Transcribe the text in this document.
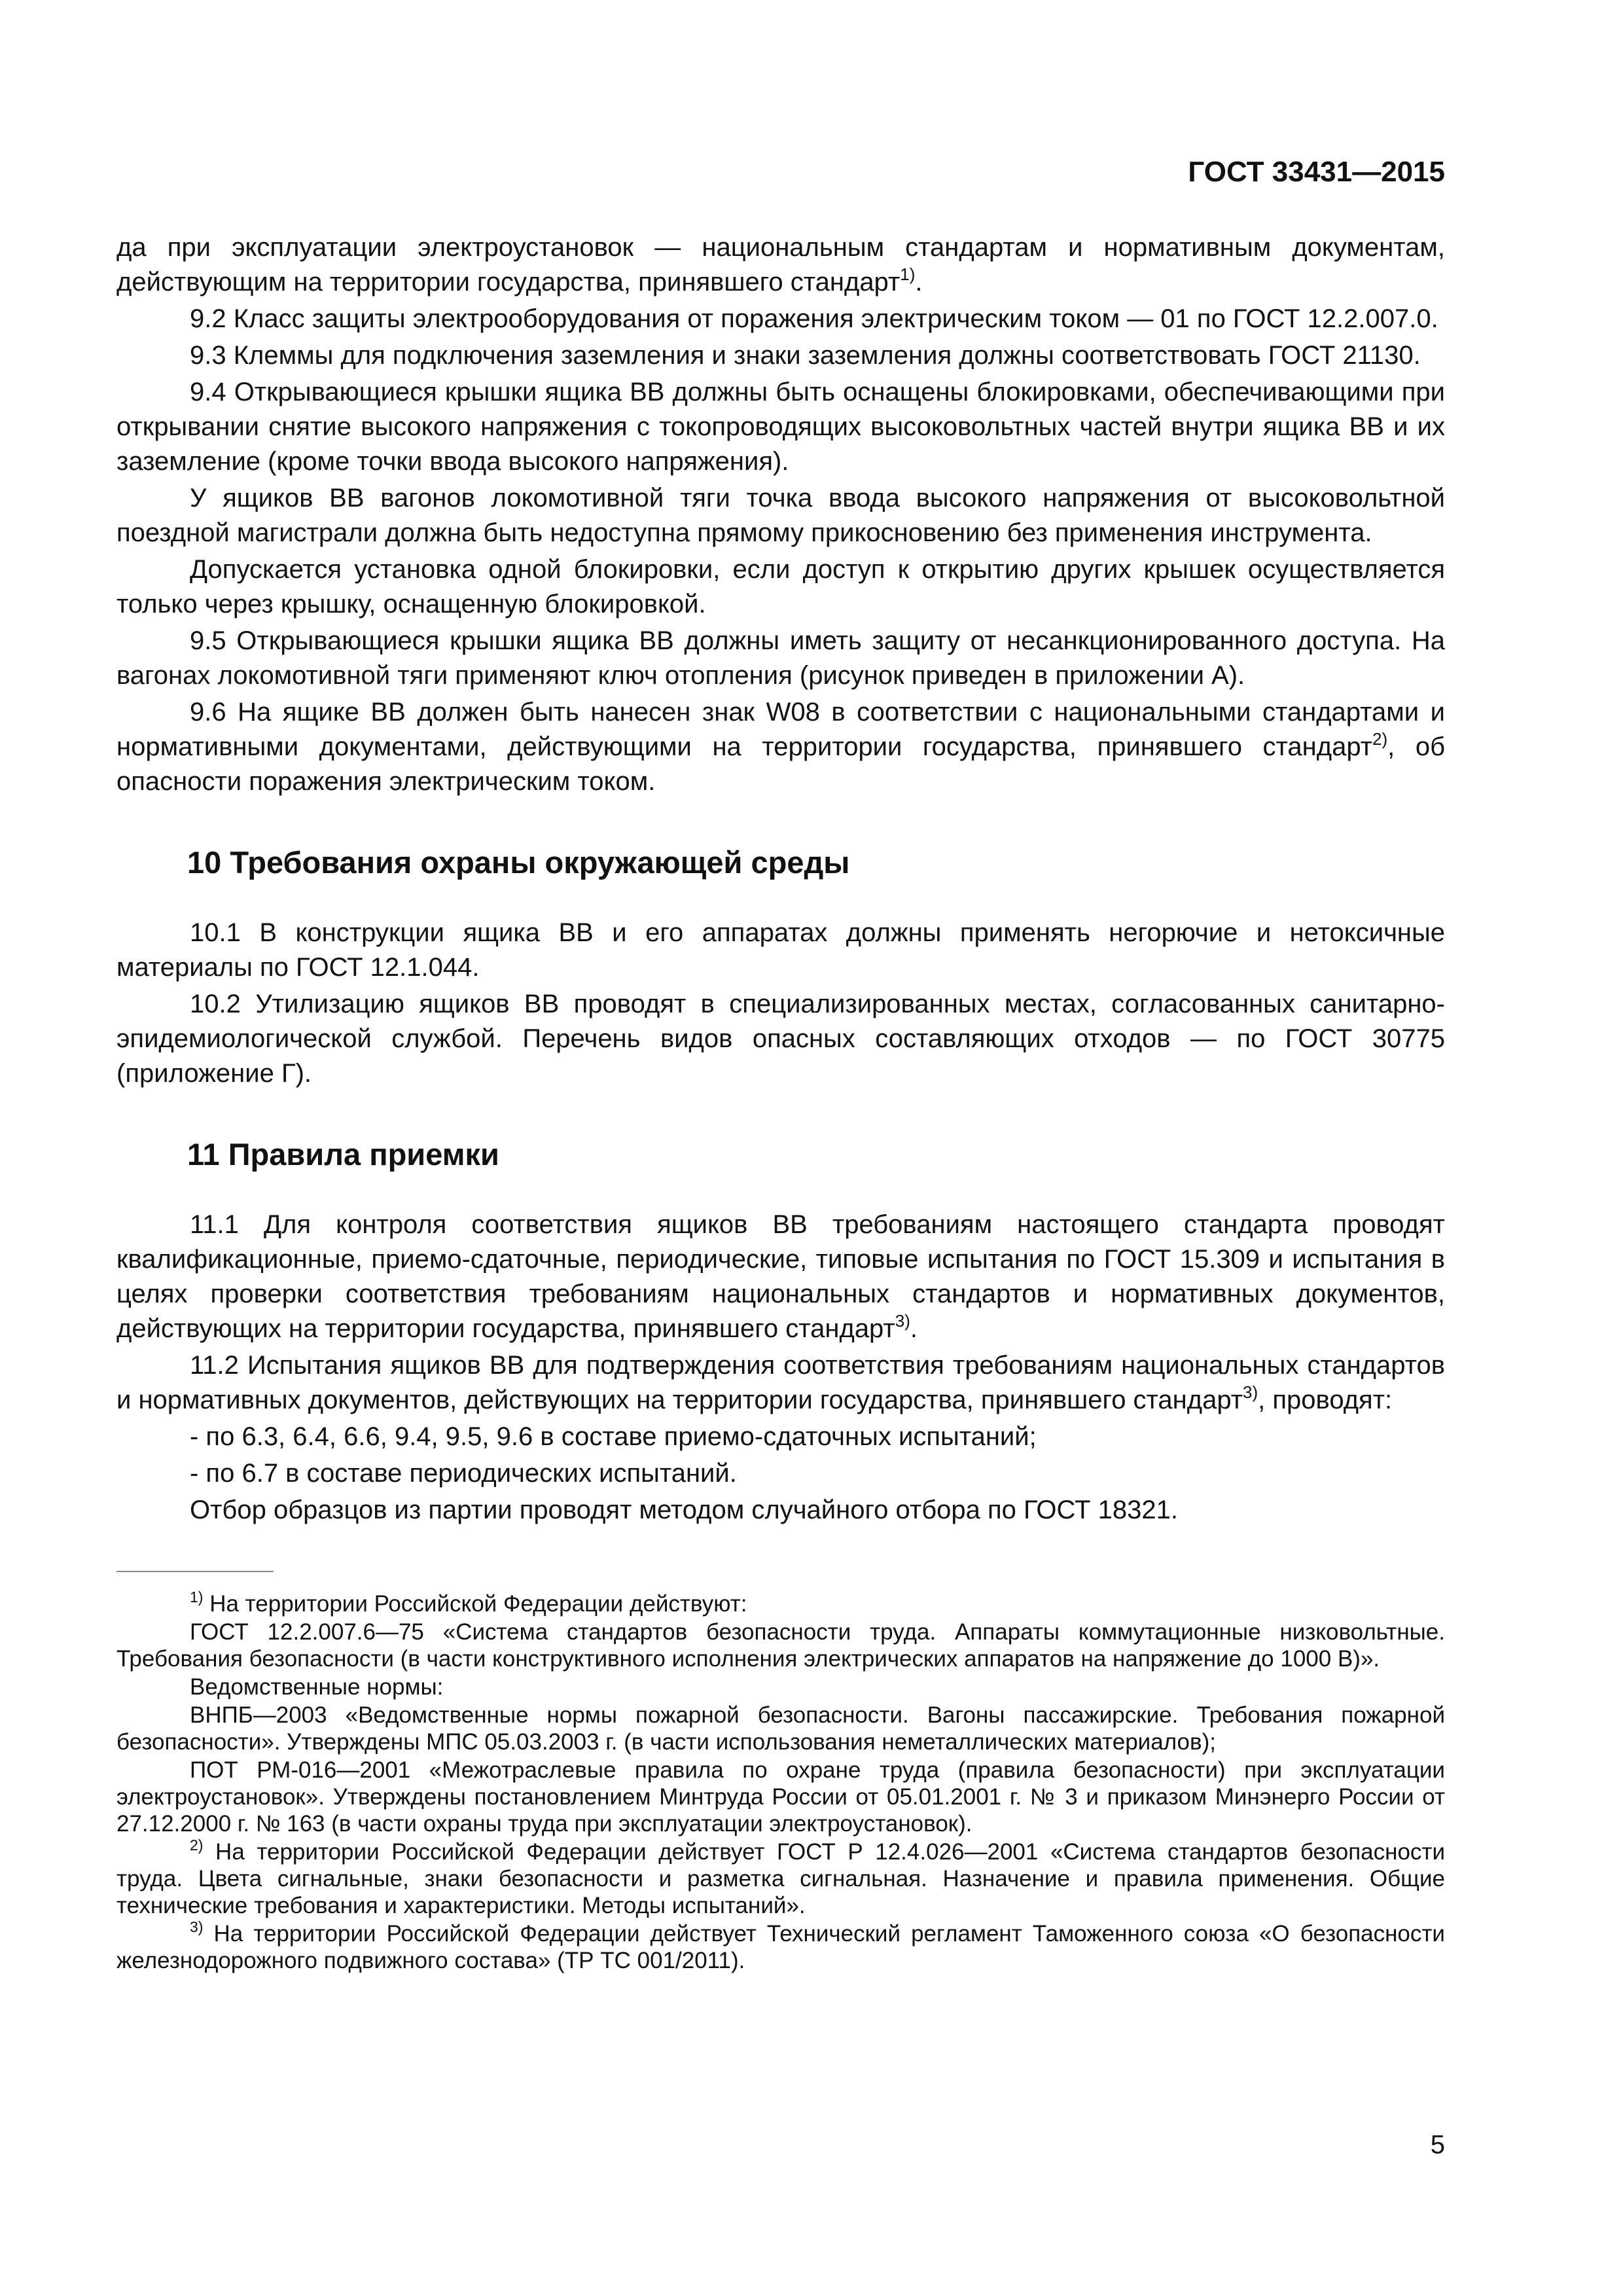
ГОСТ 33431—2015

да при эксплуатации электроустановок — национальным стандартам и нормативным документам, действующим на территории государства, принявшего стандарт$^{1)}$.

9.2 Класс защиты электрооборудования от поражения электрическим током — 01 по ГОСТ 12.2.007.0.

9.3 Клеммы для подключения заземления и знаки заземления должны соответствовать ГОСТ 21130.

9.4 Открывающиеся крышки ящика ВВ должны быть оснащены блокировками, обеспечивающими при открывании снятие высокого напряжения с токопроводящих высоковольтных частей внутри ящика ВВ и их заземление (кроме точки ввода высокого напряжения).

У ящиков ВВ вагонов локомотивной тяги точка ввода высокого напряжения от высоковольтной поездной магистрали должна быть недоступна прямому прикосновению без применения инструмента.

Допускается установка одной блокировки, если доступ к открытию других крышек осуществляется только через крышку, оснащенную блокировкой.

9.5 Открывающиеся крышки ящика ВВ должны иметь защиту от несанкционированного доступа. На вагонах локомотивной тяги применяют ключ отопления (рисунок приведен в приложении А).

9.6 На ящике ВВ должен быть нанесен знак W08 в соответствии с национальными стандартами и нормативными документами, действующими на территории государства, принявшего стандарт$^{2)}$, об опасности поражения электрическим током.

10 Требования охраны окружающей среды

10.1 В конструкции ящика ВВ и его аппаратах должны применять негорючие и нетоксичные материалы по ГОСТ 12.1.044.

10.2 Утилизацию ящиков ВВ проводят в специализированных местах, согласованных санитарно-эпидемиологической службой. Перечень видов опасных составляющих отходов — по ГОСТ 30775 (приложение Г).

11 Правила приемки

11.1 Для контроля соответствия ящиков ВВ требованиям настоящего стандарта проводят квалификационные, приемо-сдаточные, периодические, типовые испытания по ГОСТ 15.309 и испытания в целях проверки соответствия требованиям национальных стандартов и нормативных документов, действующих на территории государства, принявшего стандарт$^{3)}$.

11.2 Испытания ящиков ВВ для подтверждения соответствия требованиям национальных стандартов и нормативных документов, действующих на территории государства, принявшего стандарт$^{3)}$, проводят:

- по 6.3, 6.4, 6.6, 9.4, 9.5, 9.6 в составе приемо-сдаточных испытаний;

- по 6.7 в составе периодических испытаний.

Отбор образцов из партии проводят методом случайного отбора по ГОСТ 18321.

$^{1)}$ На территории Российской Федерации действуют:

ГОСТ 12.2.007.6—75 «Система стандартов безопасности труда. Аппараты коммутационные низковольтные. Требования безопасности (в части конструктивного исполнения электрических аппаратов на напряжение до 1000 В)».

Ведомственные нормы:

ВНПБ—2003 «Ведомственные нормы пожарной безопасности. Вагоны пассажирские. Требования пожарной безопасности». Утверждены МПС 05.03.2003 г. (в части использования неметаллических материалов);

ПОТ РМ-016—2001 «Межотраслевые правила по охране труда (правила безопасности) при эксплуатации электроустановок». Утверждены постановлением Минтруда России от 05.01.2001 г. № 3 и приказом Минэнерго России от 27.12.2000 г. № 163 (в части охраны труда при эксплуатации электроустановок).

$^{2)}$ На территории Российской Федерации действует ГОСТ Р 12.4.026—2001 «Система стандартов безопасности труда. Цвета сигнальные, знаки безопасности и разметка сигнальная. Назначение и правила применения. Общие технические требования и характеристики. Методы испытаний».

$^{3)}$ На территории Российской Федерации действует Технический регламент Таможенного союза «О безопасности железнодорожного подвижного состава» (ТР ТС 001/2011).

5
